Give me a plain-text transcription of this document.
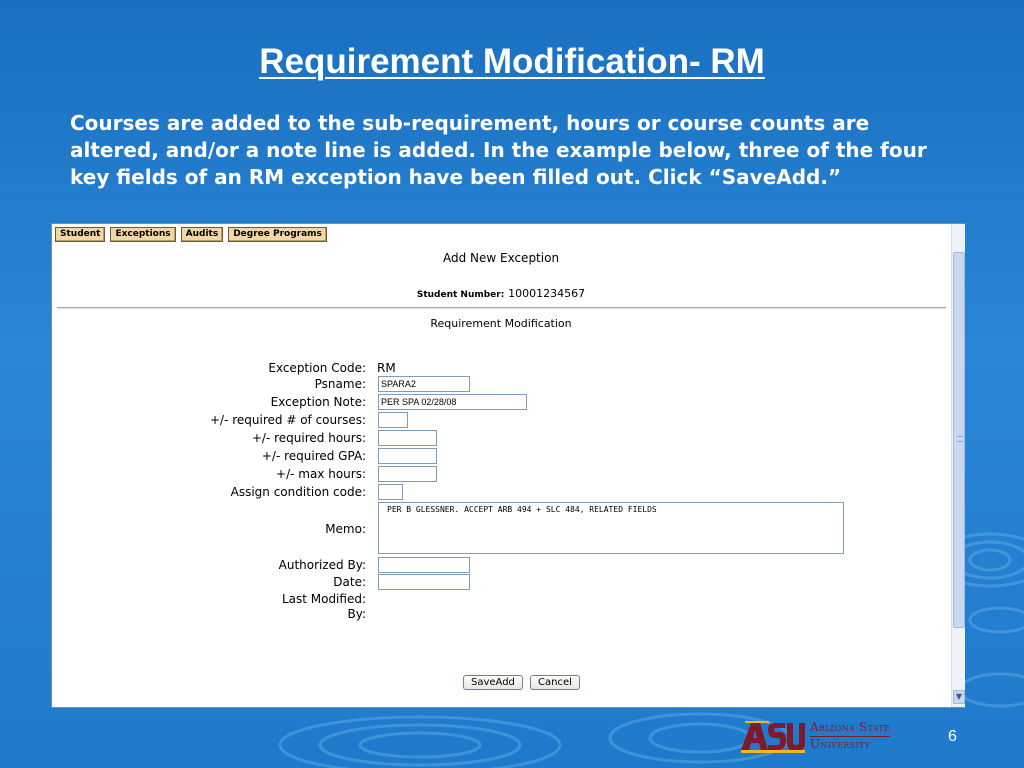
Requirement Modification- RM
Courses are added to the sub-requirement, hours or course counts are altered, and/or a note line is added. In the example below, three of the four key fields of an RM exception have been filled out. Click “SaveAdd.”
Student	Exceptions	Audits	Degree Programs
Add New Exception
Student Number: 10001234567
Requirement Modification
Exception Code: RM
Psname:	SPARA2
Exception Note:	PER SPA 02/28/08
+/- required # of courses:
+/- required hours:
+/- required GPA:
+/- max hours:
Assign condition code:
Memo:
PER B GLESSNER. ACCEPT ARB 494 + SLC 484, RELATED FIELDS
Authorized By:
Date:
Last Modified:
By:
SaveAdd	Cancel
▼
Arizona State
University	6
